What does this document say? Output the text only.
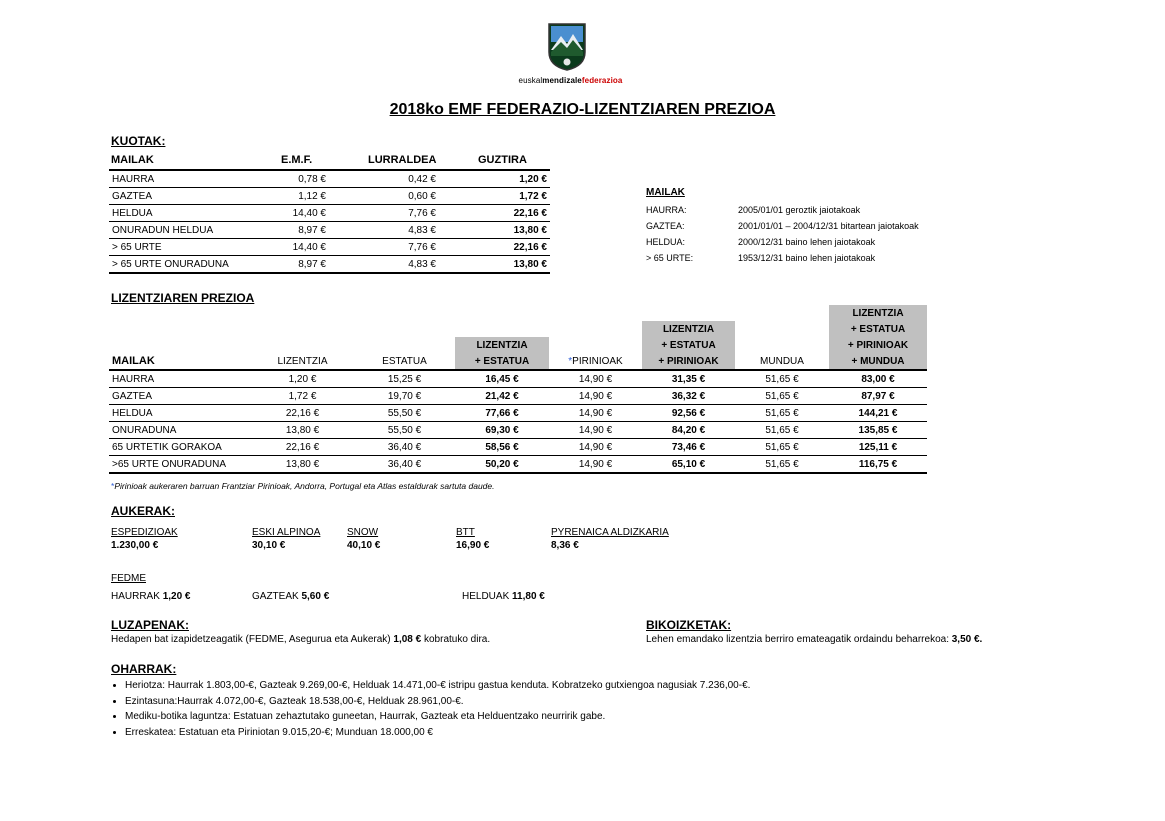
euskalmendizalefederazioa
2018ko EMF FEDERAZIO-LIZENTZIAREN PREZIOA
KUOTAK:
MAILAK	E.M.F.	LURRALDEA	GUZTIRA
HAURRA	0,78 €	0,42 €	1,20 €
GAZTEA	1,12 €	0,60 €	1,72 €
HELDUA	14,40 €	7,76 €	22,16 €
ONURADUN HELDUA	8,97 €	4,83 €	13,80 €
> 65 URTE	14,40 €	7,76 €	22,16 €
> 65 URTE ONURADUNA	8,97 €	4,83 €	13,80 €
MAILAK
HAURRA:	2005/01/01 geroztik jaiotakoak
GAZTEA:	2001/01/01 – 2004/12/31 bitartean jaiotakoak
HELDUA:	2000/12/31 baino lehen jaiotakoak
> 65 URTE:	1953/12/31 baino lehen jaiotakoak
LIZENTZIAREN PREZIOA
							LIZENTZIA
					LIZENTZIA		+ ESTATUA
			LIZENTZIA		+ ESTATUA		+ PIRINIOAK
MAILAK	LIZENTZIA	ESTATUA	+ ESTATUA	*PIRINIOAK	+ PIRINIOAK	MUNDUA	+ MUNDUA
HAURRA	1,20 €	15,25 €	16,45 €	14,90 €	31,35 €	51,65 €	83,00 €
GAZTEA	1,72 €	19,70 €	21,42 €	14,90 €	36,32 €	51,65 €	87,97 €
HELDUA	22,16 €	55,50 €	77,66 €	14,90 €	92,56 €	51,65 €	144,21 €
ONURADUNA	13,80 €	55,50 €	69,30 €	14,90 €	84,20 €	51,65 €	135,85 €
65 URTETIK GORAKOA	22,16 €	36,40 €	58,56 €	14,90 €	73,46 €	51,65 €	125,11 €
>65 URTE ONURADUNA	13,80 €	36,40 €	50,20 €	14,90 €	65,10 €	51,65 €	116,75 €
*Pirinioak aukeraren barruan Frantziar Pirinioak, Andorra, Portugal eta Atlas estaldurak sartuta daude.
AUKERAK:
ESPEDIZIOAK
1.230,00 €
ESKI ALPINOA
30,10 €
SNOW
40,10 €
BTT
16,90 €
PYRENAICA ALDIZKARIA
8,36 €
FEDME
HAURRAK 1,20 €	GAZTEAK 5,60 €	HELDUAK 11,80 €
LUZAPENAK:
Hedapen bat izapidetzeagatik (FEDME, Asegurua eta Aukerak) 1,08 € kobratuko dira.
BIKOIZKETAK:
Lehen emandako lizentzia berriro emateagatik ordaindu beharrekoa: 3,50 €.
OHARRAK:
• Heriotza: Haurrak 1.803,00-€, Gazteak 9.269,00-€, Helduak 14.471,00-€ istripu gastua kenduta. Kobratzeko gutxiengoa nagusiak 7.236,00-€.
• Ezintasuna:Haurrak 4.072,00-€, Gazteak 18.538,00-€, Helduak 28.961,00-€.
• Mediku-botika laguntza: Estatuan zehaztutako guneetan, Haurrak, Gazteak eta Helduentzako neurririk gabe.
• Erreskatea: Estatuan eta Piriniotan 9.015,20-€; Munduan 18.000,00 €
